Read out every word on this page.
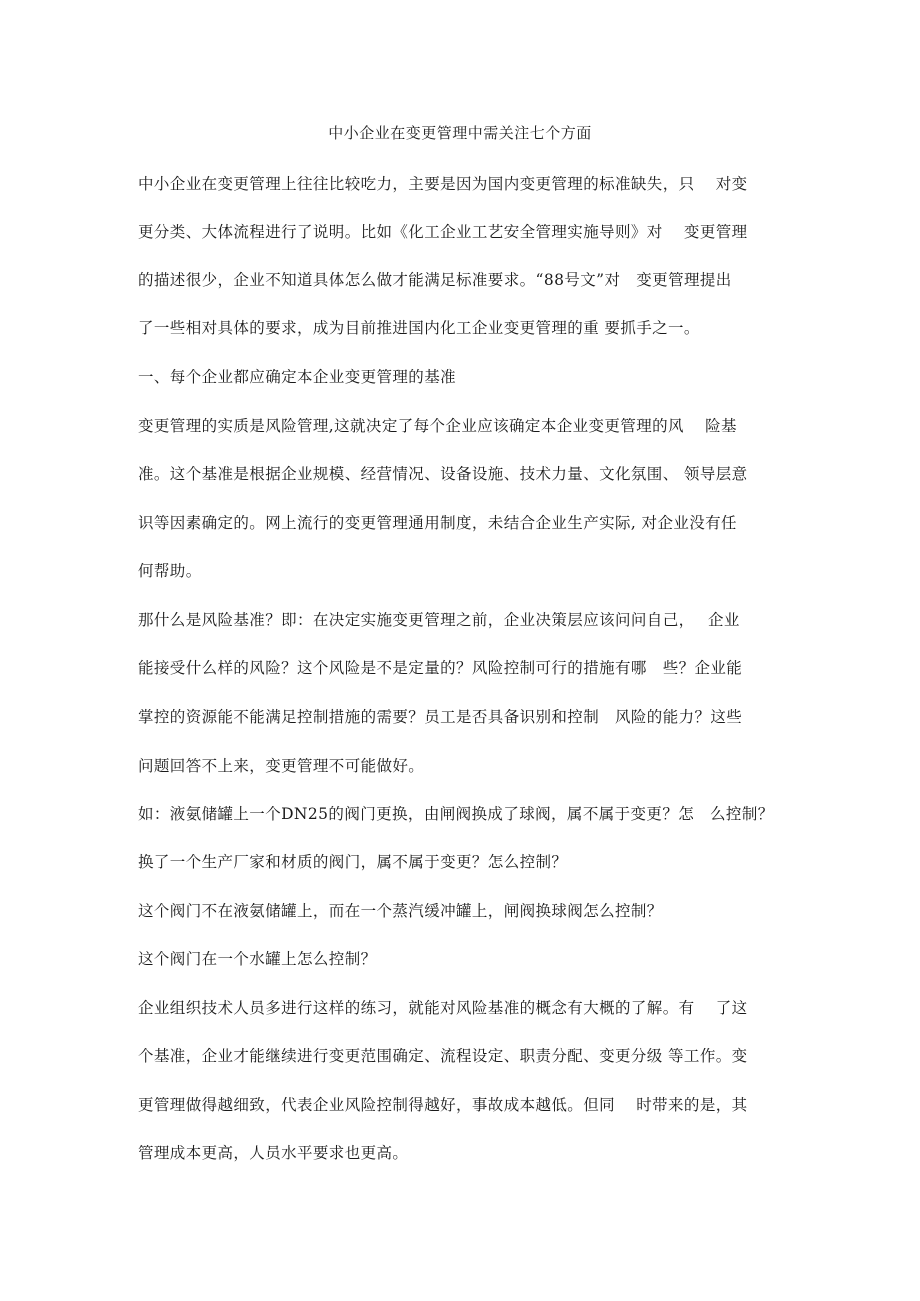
中小企业在变更管理中需关注七个方面
中小企业在变更管理上往往比较吃力，主要是因为国内变更管理的标准缺失，只　 对变
更分类、大体流程进行了说明。比如《化工企业工艺安全管理实施导则》对　 变更管理
的描述很少，企业不知道具体怎么做才能满足标准要求。“88号文”对　变更管理提出
了一些相对具体的要求，成为目前推进国内化工企业变更管理的重 要抓手之一。
一、每个企业都应确定本企业变更管理的基准
变更管理的实质是风险管理,这就决定了每个企业应该确定本企业变更管理的风　 险基
准。这个基准是根据企业规模、经营情况、设备设施、技术力量、文化氛围、 领导层意
识等因素确定的。网上流行的变更管理通用制度，未结合企业生产实际, 对企业没有任
何帮助。
那什么是风险基准？即：在决定实施变更管理之前，企业决策层应该问问自己，　 企业
能接受什么样的风险？这个风险是不是定量的？风险控制可行的措施有哪　些？企业能
掌控的资源能不能满足控制措施的需要？员工是否具备识别和控制　风险的能力？这些
问题回答不上来，变更管理不可能做好。
如：液氨储罐上一个DN25的阀门更换，由闸阀换成了球阀，属不属于变更？怎　么控制？
换了一个生产厂家和材质的阀门，属不属于变更？怎么控制？
这个阀门不在液氨储罐上，而在一个蒸汽缓冲罐上，闸阀换球阀怎么控制？
这个阀门在一个水罐上怎么控制？
企业组织技术人员多进行这样的练习，就能对风险基准的概念有大概的了解。有　 了这
个基准，企业才能继续进行变更范围确定、流程设定、职责分配、变更分级 等工作。变
更管理做得越细致，代表企业风险控制得越好，事故成本越低。但同　 时带来的是，其
管理成本更高，人员水平要求也更高。
